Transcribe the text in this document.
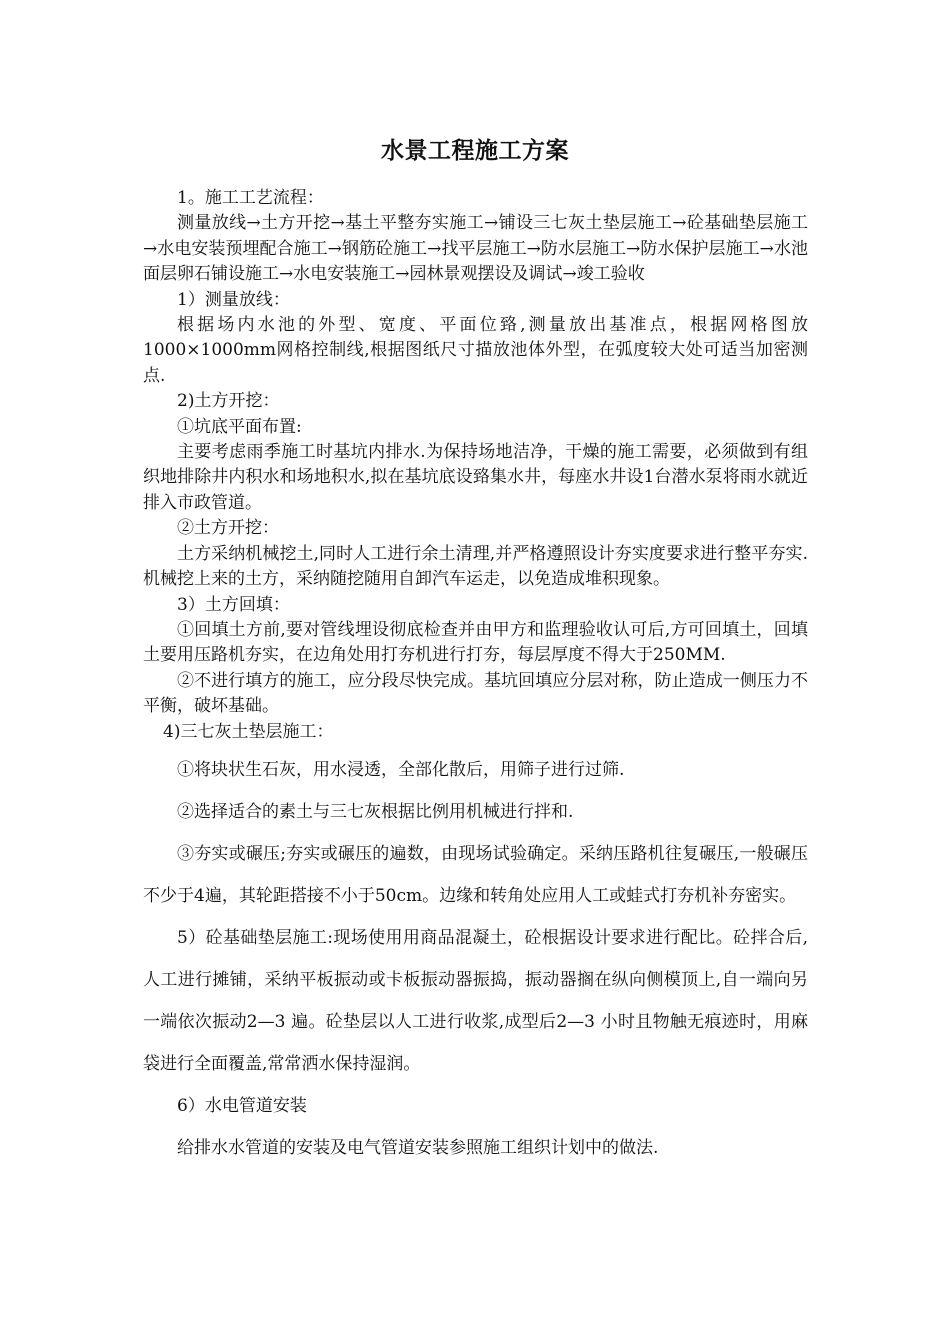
水景工程施工方案

1。施工工艺流程：

测量放线→土方开挖→基土平整夯实施工→铺设三七灰土垫层施工→砼基础垫层施工→水电安装预埋配合施工→钢筋砼施工→找平层施工→防水层施工→防水保护层施工→水池面层卵石铺设施工→水电安装施工→园林景观摆设及调试→竣工验收

1）测量放线：

根据场内水池的外型、宽度、平面位臵,测量放出基准点，根据网格图放1000×1000mm网格控制线,根据图纸尺寸描放池体外型，在弧度较大处可适当加密测点.

2)土方开挖：

①坑底平面布置:

主要考虑雨季施工时基坑内排水.为保持场地洁净，干燥的施工需要，必须做到有组织地排除井内积水和场地积水,拟在基坑底设臵集水井，每座水井设1台潜水泵将雨水就近排入市政管道。

②土方开挖：

土方采纳机械挖土,同时人工进行余土清理,并严格遵照设计夯实度要求进行整平夯实.机械挖上来的土方，采纳随挖随用自卸汽车运走，以免造成堆积现象。

3）土方回填：

①回填土方前,要对管线埋设彻底检查并由甲方和监理验收认可后,方可回填土，回填土要用压路机夯实，在边角处用打夯机进行打夯，每层厚度不得大于250MM.

②不进行填方的施工，应分段尽快完成。基坑回填应分层对称，防止造成一侧压力不平衡，破坏基础。

4)三七灰土垫层施工：

①将块状生石灰，用水浸透，全部化散后，用筛子进行过筛.

②选择适合的素土与三七灰根据比例用机械进行拌和.

③夯实或碾压;夯实或碾压的遍数，由现场试验确定。采纳压路机往复碾压,一般碾压不少于4遍，其轮距搭接不小于50cm。边缘和转角处应用人工或蛙式打夯机补夯密实。

5）砼基础垫层施工:现场使用用商品混凝土，砼根据设计要求进行配比。砼拌合后,人工进行摊铺，采纳平板振动或卡板振动器振捣，振动器搁在纵向侧模顶上,自一端向另一端依次振动2—3 遍。砼垫层以人工进行收浆,成型后2—3 小时且物触无痕迹时，用麻袋进行全面覆盖,常常洒水保持湿润。

6）水电管道安装

给排水水管道的安装及电气管道安装参照施工组织计划中的做法.
